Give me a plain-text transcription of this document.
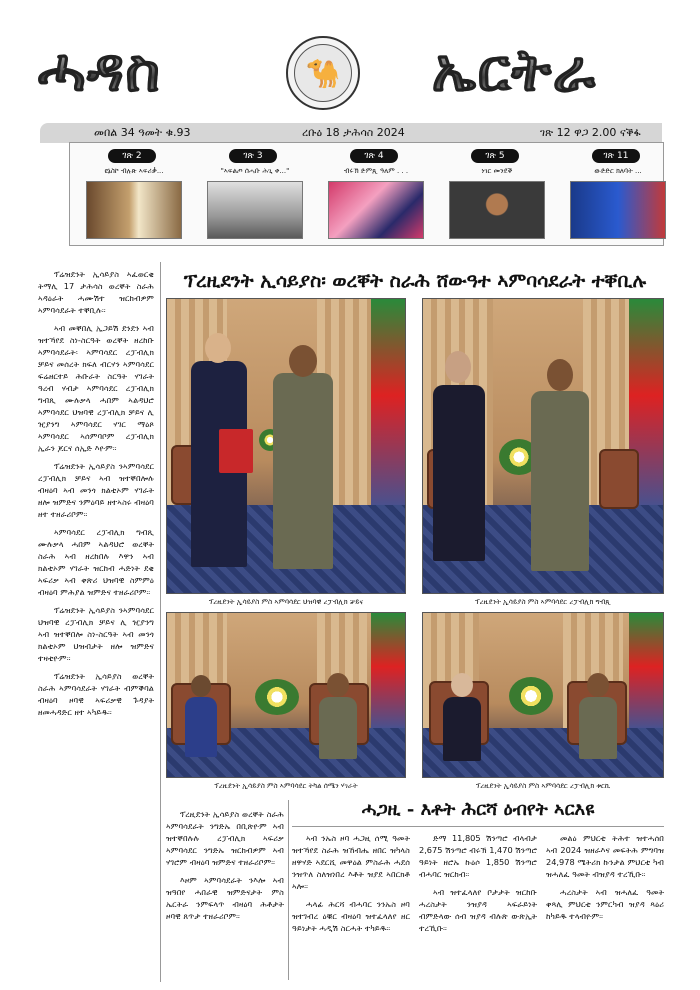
ሓዳስ	🐪 ኤርትራ
መበል 34 ዓመት ቁ.93	ረቡዕ 18 ታሕሳስ 2024	ገጽ 12 ዋጋ 2.00 ናቕፋ
ገጽ 2
ዩኔስኮ ብሉጽ ኣፍሪቃ...
ገጽ 3
"ኣፍልጦ ሰሓቡ ሕጊ ቀ..."
ገጽ 4
ብሩኽ ድምጺ ዓለም . . .
ገጽ 5
ነገር መንደቕ
ገጽ 11
ውድድር ክለባት ...

ፕሬዝደንት ኢሳይያስ ኣፈወርቂ ትማሊ 17 ታሕሳስ ወረቐት ስራሕ ኣዳዕራት ሓሙሽተ ዝርከብዎም ኣምባሳደራት ተቐቢሉ።

ኣብ መቐበሊ ኢጋይሽ ደንደን ኣብ ዝተኻየደ ስነ-ስርዓት ወረቐት ዘረከቡ ኣምባሳደራት፡ ኣምባሳደር ረፓብሊክ ቻይና መሰረት ክፍለ ብርሃን ኣምባሳደር ፍሬዘርተይ ሕቡራት ስርዓት ሃገራት ዓረብ ሃብታ ኣምባሳደር ረፓብሊክ ግብጺ ሙሉቃላ ሓበም ኣልዳህሮ ኣምባሳደር ህዝባዊ ረፓብሊክ ቻይና ሊ ዢያንግ ኣምባሳደር ሃገር ማዕጾ ኣምባሳደር ኣሰምባቦም ረፓብሊክ ኢራን ጆርና ሰኢድ እዮም።

ፕሬዝደንት ኢሳይያስ ንኣምባሳደር ረፓብሊክ ቻይና ኣብ ዝተቐበሎሉ ብዛዕባ ኣብ መንጎ ክልቲኦም ሃገራት ዘሎ ዝምድና ንምዕባይ ዘተኣስሩ ብዛዕባ ዘተ ተዘራሪቦም።

ኣምባሳደር ረፓብሊክ ግብጺ ሙሉቃላ ሓበም ኣልዳህሮ ወረቐት ስራሕ ኣብ ዘረከበሉ እዋን ኣብ ክልቲኦም ሃገራት ዝርከብ ሓድነት ደቂ ኣፍሪቃ ኣብ ቀጽሪ ህዝባዊ ስምምዕ ብዛዕባ ምሕያል ዝምድና ተዘራሪቦም።

ፕሬዝደንት ኢሳይያስ ንኣምባሳደር ህዝባዊ ረፓብሊክ ቻይና ሊ ዢያንግ ኣብ ዝተቐበሎ ስነ-ስርዓት ኣብ መንጎ ክልቲኦም ህዝብታት ዘሎ ዝምድና ተዛቲዮም።

ፕሬዝደንት ኢሳይያስ ወረቐት ስራሕ ኣምባሳደራት ሃገራት ብምቕባል ብዛዕባ ዞባዊ ኣፍሪቃዊ ጉዳያት ዘመሓዳድር ዘተ ኣካይዱ።

ፕረዚደንት ኢሳይያስ፡ ወረቐት ስራሕ ሸውዓተ ኣምባሳደራት ተቐቢሉ
ፕረዚደንት ኢሳይያስ ምስ ኣምባሳደር ህዝባዊ ረፓብሊክ ቻይና	ፕረዚደንት ኢሳይያስ ምስ ኣምባሳደር ረፓብሊክ ግብጺ
ፕረዚደንት ኢሳይያስ ምስ ኣምባሳደር ትካል ሰሜን ሃገራት	ፕረዚደንት ኢሳይያስ ምስ ኣምባሳደር ረፓብሊክ ቱርኪ

ፕረዚደንት ኢሳይያስ ወረቐት ስራሕ ኣምባሳደራት ንግድኡ በቢጽዮም ኣብ ዝተቐበሉሉ ረፓብሊክ ኣፍሪቃ ኣምባሳደር ንግድኡ ዝርከብዎም ኣብ ሃገሮም ብዛዕባ ዝምድና ተዘራሪቦም።

እዞም ኣምባሳደራት ንእሎ ኣብ ዝዓበየ ሓበራዊ ዝምድናታት ምስ ኤርትራ ንምፍላጥ ብዛዕባ ሕቶታት ዞባዊ ጸጥታ ተዘራሪቦም።

ሓጋዚ - እቶት ሕርሻ ዕብየት ኣርእዩ

ኣብ ንኡስ ዞባ ሓጋዚ ሰሚ ዓመት ዝተኻየደ ስራሕ ዝኸብሔ ዘበር ዝካላስ ዘዋሃድ ኣደርሺ መዋዕል ምስራሕ ሓደሰ ንዝጥለ ስለዝነበረ እቶት ዝያደ ኣበርክቶ ኣሎ።

ሓላፊ ሕርሻ ብሓባር ንንኡስ ዞባ ዝተገብረ ዕቑር ብዛዕባ ዝተፈላለየ ዘር ዓይነታት ሓዲሽ ስርሓት ተካይዱ።

ድማ 11,805 ሽንጣሮ ብላብታ 2,675 ሽንጣሮ ብሩኽ 1,470 ሽንጣሮ ዓይነት ዘሮኡ ኩዕሶ 1,850 ሽንጣሮ ብሓባር ዝርከብ።

ኣብ ዝተፈላለየ ቦታታት ዝርከቡ ሓረስታት ንዝያዳ ኣፍራይነት ብምድላው ሰብ ዝያዳ ብሉጽ ውጽኢት ተረኺቡ።

መልዕ ምህርቲ ትሕተ ዝተሓሰበ ኣብ 2024 ዝዘራእና መፍትሕ ምግባዝ 24,978 ሜትሪክ ኩንታል ምህርቲ ካብ ዝሓለፈ ዓመት ብዝያዳ ተረኺቡ።

ሓረስታት ኣብ ዝሓለፈ ዓመት ቀጻሊ ምህርቲ ንምርካብ ዝያዳ ጻዕሪ ከካይዱ ተላብዮም።
